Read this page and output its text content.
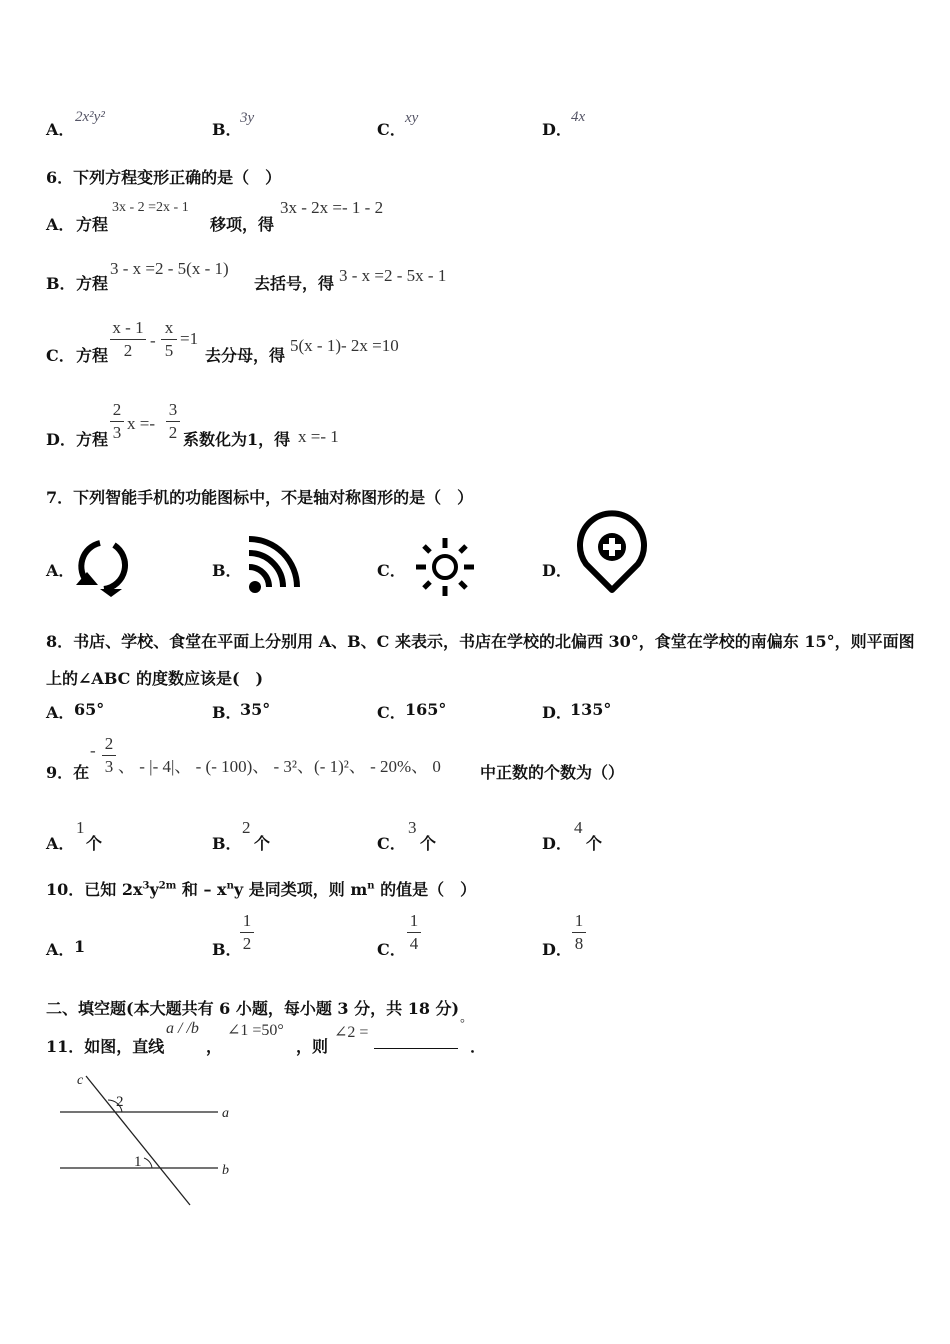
A．
2x²y²
B．
3y
C．
xy
D．
4x
6．下列方程变形正确的是（　）
A． 方程
3x - 2 =2x - 1
移项，得
3x - 2x =- 1 - 2
B． 方程
3 - x =2 - 5(x - 1)
去括号，得 3 - x =2 - 5x - 1
C． 方程
x - 1
2
-
x
5
=1
去分母，得
5(x - 1)- 2x =10
D． 方程
2
3 x =-
3
2 系数化为1，得 x =- 1
7．下列智能手机的功能图标中，不是轴对称图形的是（　）
A．	B．	C．	D．
8．书店、学校、食堂在平面上分别用 A、B、C 来表示，书店在学校的北偏西 30°，食堂在学校的南偏东 15°，则平面图
上的∠ABC 的度数应该是(　)
A． 65°	B．
35°	C． 165°	D．
135°
9．在
- 2
3 、 - |- 4|、 - (- 100)、 - 3²、(- 1)²、 - 20%、 0 中正数的个数为（）
A．
1
个	B．
2
个	C．
3
个	D．
4
个
10．已知 $2x^3y^{2m}$ 和 – $x^ny$ 是同类项，则 $m^n$ 的值是（　）
A． 1	B．
1
2	C．
1
4	D．
1
8
二、填空题(本大题共有 6 小题，每小题 3 分，共 18 分)
11．如图，直线
a / /b
，
∠1 =50°
，则
∠2 =
°
．
c
2
a
1
b
